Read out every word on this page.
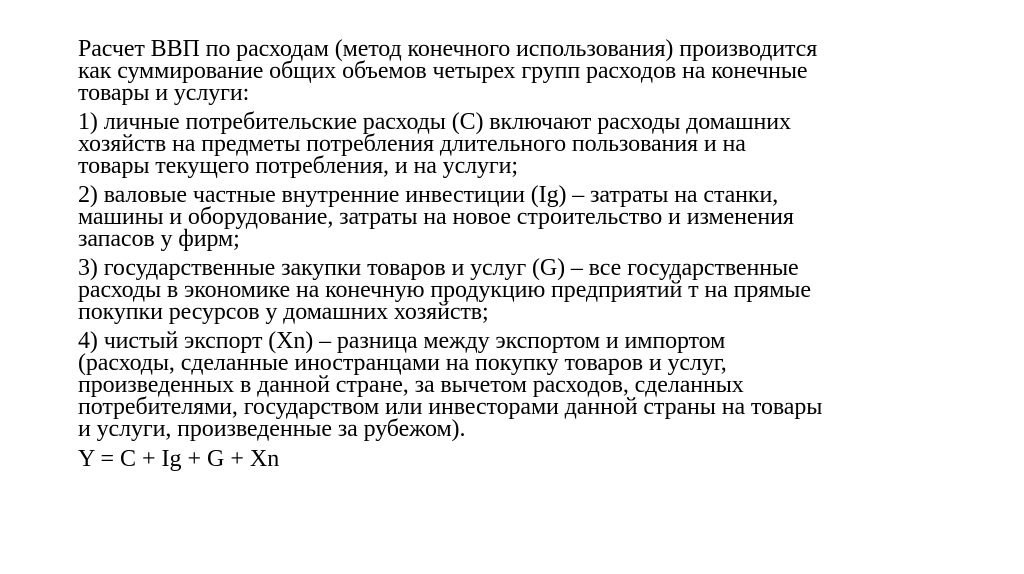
Расчет ВВП по расходам (метод конечного использования) производится
как суммирование общих объемов четырех групп расходов на конечные
товары и услуги:

1) личные потребительские расходы (С) включают расходы домашних
хозяйств на предметы потребления длительного пользования и на
товары текущего потребления, и на услуги;

2) валовые частные внутренние инвестиции (Ig) – затраты на станки,
машины и оборудование, затраты на новое строительство и изменения
запасов у фирм;

3) государственные закупки товаров и услуг (G) – все государственные
расходы в экономике на конечную продукцию предприятий т на прямые
покупки ресурсов у домашних хозяйств;

4) чистый экспорт (Xn) – разница между экспортом и импортом
(расходы, сделанные иностранцами на покупку товаров и услуг,
произведенных в данной стране, за вычетом расходов, сделанных
потребителями, государством или инвесторами данной страны на товары
и услуги, произведенные за рубежом).

Y = С + Ig + G + Xn
